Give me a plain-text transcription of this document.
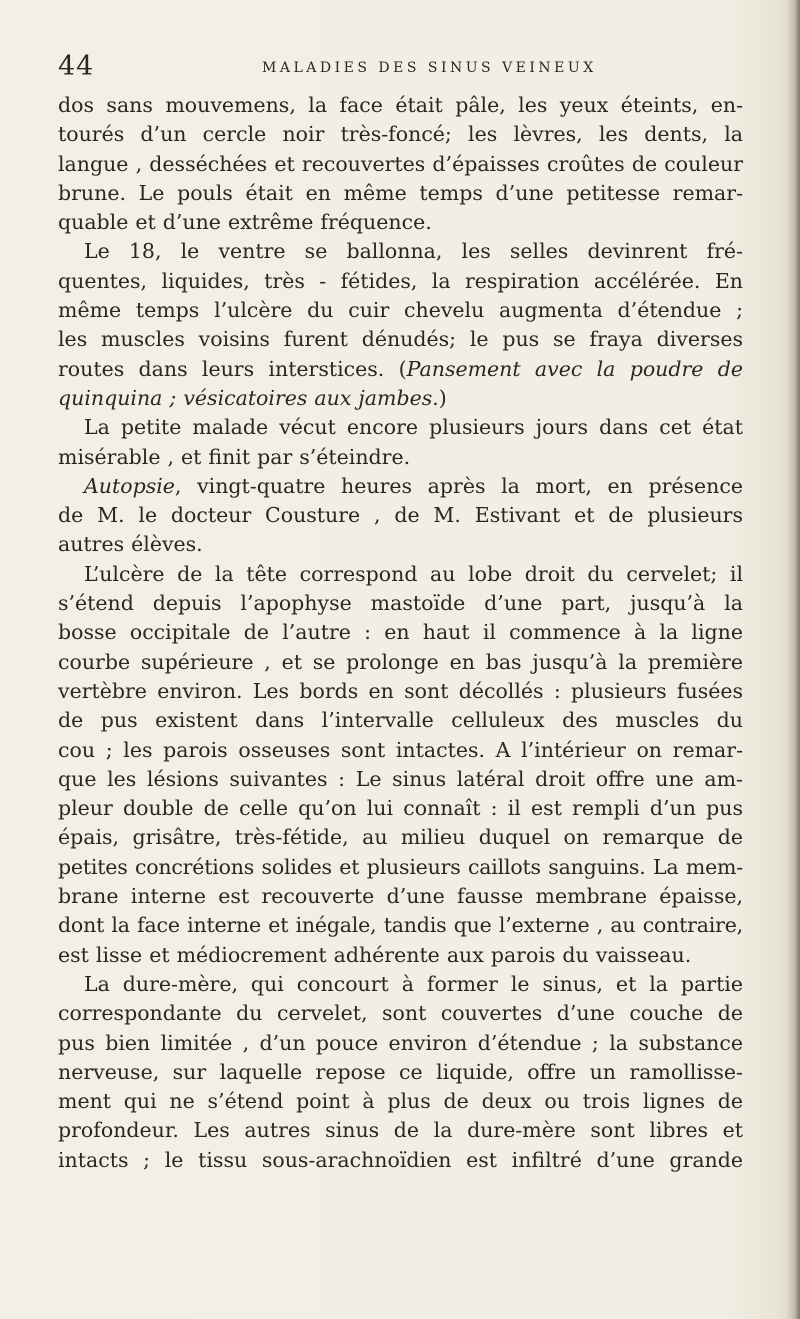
44	MALADIES DES SINUS VEINEUX
dos sans mouvemens, la face était pâle, les yeux éteints, en-
tourés d’un cercle noir très-foncé; les lèvres, les dents, la
langue , desséchées et recouvertes d’épaisses croûtes de couleur
brune. Le pouls était en même temps d’une petitesse remar-
quable et d’une extrême fréquence.
Le 18, le ventre se ballonna, les selles devinrent fré-
quentes, liquides, très - fétides, la respiration accélérée. En
même temps l’ulcère du cuir chevelu augmenta d’étendue ;
les muscles voisins furent dénudés; le pus se fraya diverses
routes dans leurs interstices. (Pansement avec la poudre de
quinquina ; vésicatoires aux jambes.)
La petite malade vécut encore plusieurs jours dans cet état
misérable , et finit par s’éteindre.
Autopsie, vingt-quatre heures après la mort, en présence
de M. le docteur Cousture , de M. Estivant et de plusieurs
autres élèves.
L’ulcère de la tête correspond au lobe droit du cervelet; il
s’étend depuis l’apophyse mastoïde d’une part, jusqu’à la
bosse occipitale de l’autre : en haut il commence à la ligne
courbe supérieure , et se prolonge en bas jusqu’à la première
vertèbre environ. Les bords en sont décollés : plusieurs fusées
de pus existent dans l’intervalle celluleux des muscles du
cou ; les parois osseuses sont intactes. A l’intérieur on remar-
que les lésions suivantes : Le sinus latéral droit offre une am-
pleur double de celle qu’on lui connaît : il est rempli d’un pus
épais, grisâtre, très-fétide, au milieu duquel on remarque de
petites concrétions solides et plusieurs caillots sanguins. La mem-
brane interne est recouverte d’une fausse membrane épaisse,
dont la face interne et inégale, tandis que l’externe , au contraire,
est lisse et médiocrement adhérente aux parois du vaisseau.
La dure-mère, qui concourt à former le sinus, et la partie
correspondante du cervelet, sont couvertes d’une couche de
pus bien limitée , d’un pouce environ d’étendue ; la substance
nerveuse, sur laquelle repose ce liquide, offre un ramollisse-
ment qui ne s’étend point à plus de deux ou trois lignes de
profondeur. Les autres sinus de la dure-mère sont libres et
intacts ; le tissu sous-arachnoïdien est infiltré d’une grande
